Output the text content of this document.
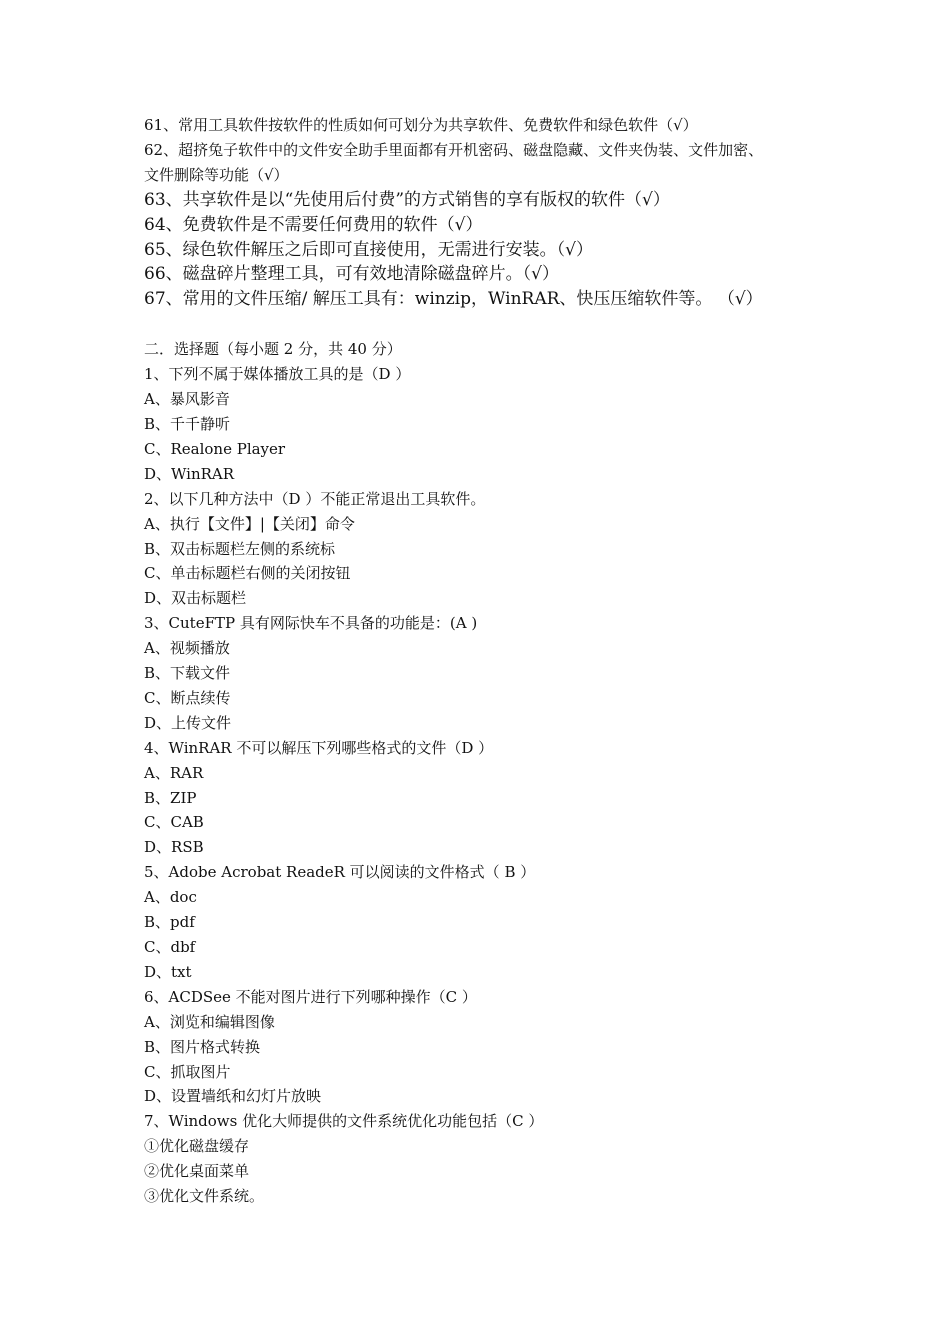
61、常用工具软件按软件的性质如何可划分为共享软件、免费软件和绿色软件（√）
62、超挤兔子软件中的文件安全助手里面都有开机密码、磁盘隐藏、文件夹伪装、文件加密、
文件删除等功能（√）
63、共享软件是以“先使用后付费”的方式销售的享有版权的软件（√）
64、免费软件是不需要任何费用的软件（√）
65、绿色软件解压之后即可直接使用，无需进行安装。（√）
66、磁盘碎片整理工具，可有效地清除磁盘碎片。（√）
67、常用的文件压缩/ 解压工具有：winzip，WinRAR、快压压缩软件等。 （√）
二．选择题（每小题 2 分，共 40 分）
1、下列不属于媒体播放工具的是（D ）
A、暴风影音
B、千千静听
C、Realone Player
D、WinRAR
2、以下几种方法中（D ）不能正常退出工具软件。
A、执行【文件】|【关闭】命令
B、双击标题栏左侧的系统标
C、单击标题栏右侧的关闭按钮
D、双击标题栏
3、CuteFTP 具有网际快车不具备的功能是：(A )
A、视频播放
B、下载文件
C、断点续传
D、上传文件
4、WinRAR 不可以解压下列哪些格式的文件（D ）
A、RAR
B、ZIP
C、CAB
D、RSB
5、Adobe Acrobat ReadeR 可以阅读的文件格式（ B ）
A、doc
B、pdf
C、dbf
D、txt
6、ACDSee 不能对图片进行下列哪种操作（C ）
A、浏览和编辑图像
B、图片格式转换
C、抓取图片
D、设置墙纸和幻灯片放映
7、Windows 优化大师提供的文件系统优化功能包括（C ）
①优化磁盘缓存
②优化桌面菜单
③优化文件系统。
